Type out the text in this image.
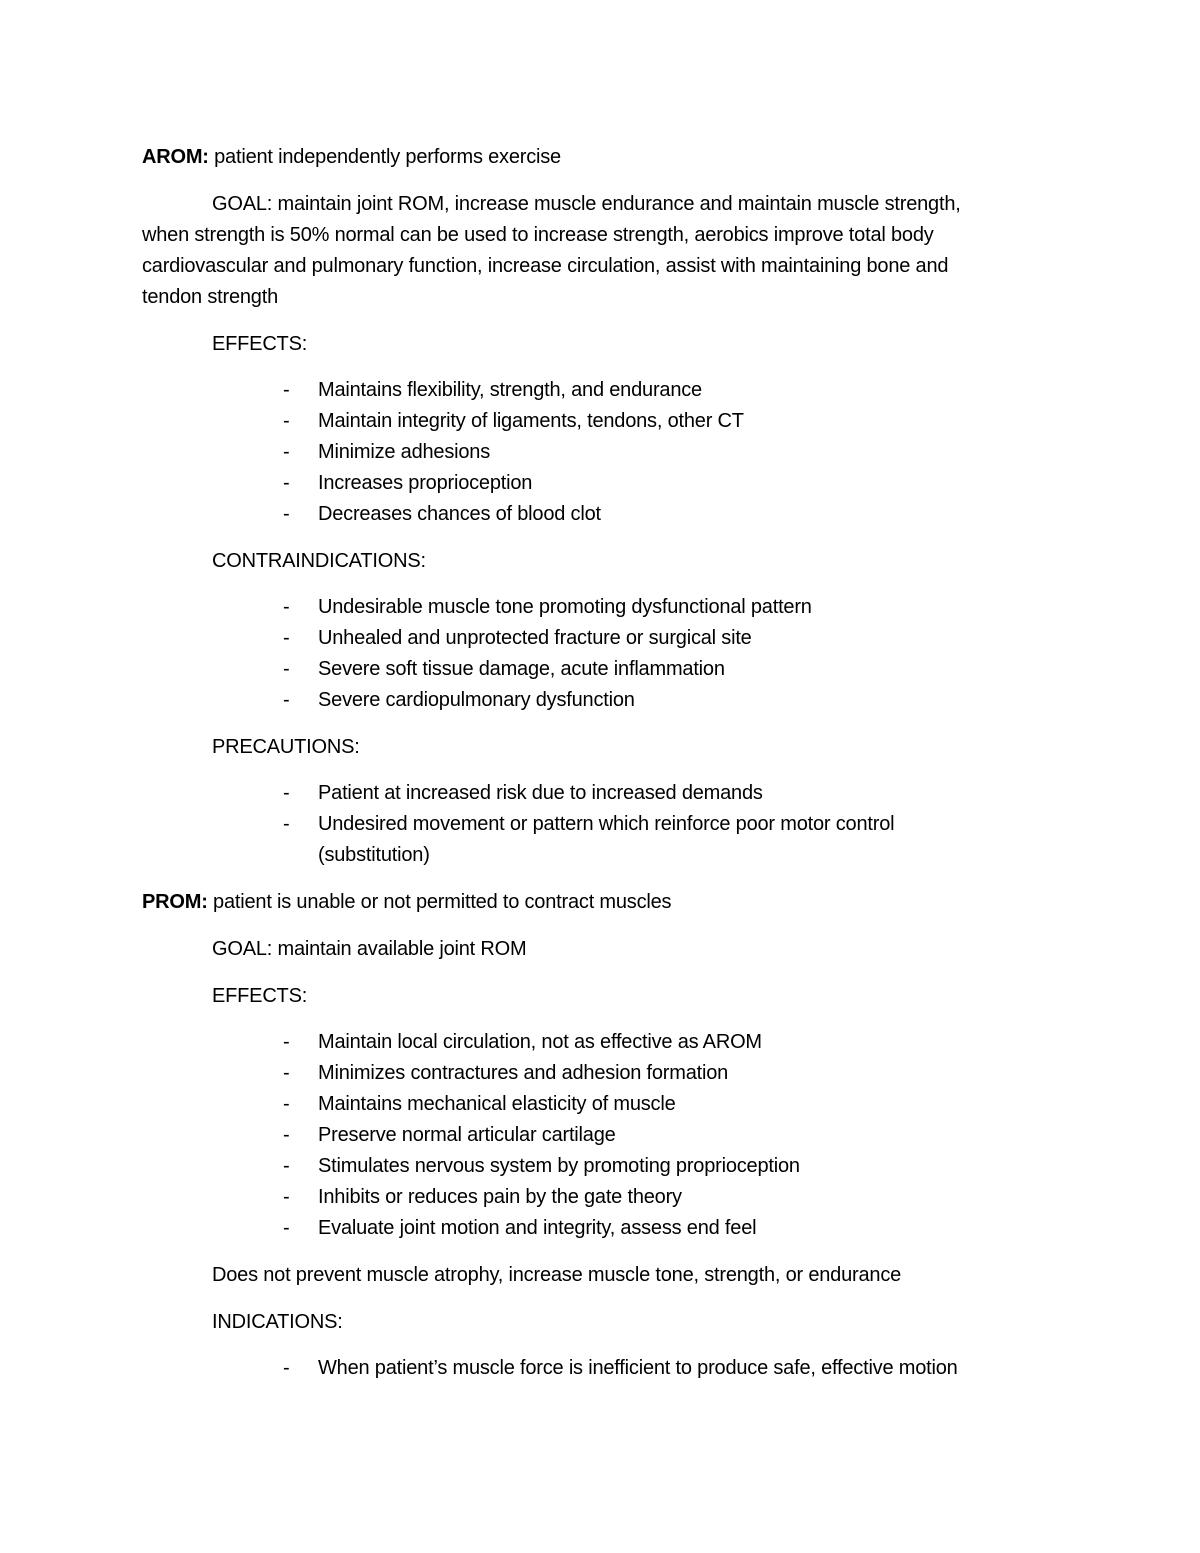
AROM: patient independently performs exercise
GOAL: maintain joint ROM, increase muscle endurance and maintain muscle strength,
when strength is 50% normal can be used to increase strength, aerobics improve total body
cardiovascular and pulmonary function, increase circulation, assist with maintaining bone and
tendon strength
EFFECTS:
- Maintains flexibility, strength, and endurance
- Maintain integrity of ligaments, tendons, other CT
- Minimize adhesions
- Increases proprioception
- Decreases chances of blood clot
CONTRAINDICATIONS:
- Undesirable muscle tone promoting dysfunctional pattern
- Unhealed and unprotected fracture or surgical site
- Severe soft tissue damage, acute inflammation
- Severe cardiopulmonary dysfunction
PRECAUTIONS:
- Patient at increased risk due to increased demands
- Undesired movement or pattern which reinforce poor motor control
(substitution)
PROM: patient is unable or not permitted to contract muscles
GOAL: maintain available joint ROM
EFFECTS:
- Maintain local circulation, not as effective as AROM
- Minimizes contractures and adhesion formation
- Maintains mechanical elasticity of muscle
- Preserve normal articular cartilage
- Stimulates nervous system by promoting proprioception
- Inhibits or reduces pain by the gate theory
- Evaluate joint motion and integrity, assess end feel
Does not prevent muscle atrophy, increase muscle tone, strength, or endurance
INDICATIONS:
- When patient’s muscle force is inefficient to produce safe, effective motion
